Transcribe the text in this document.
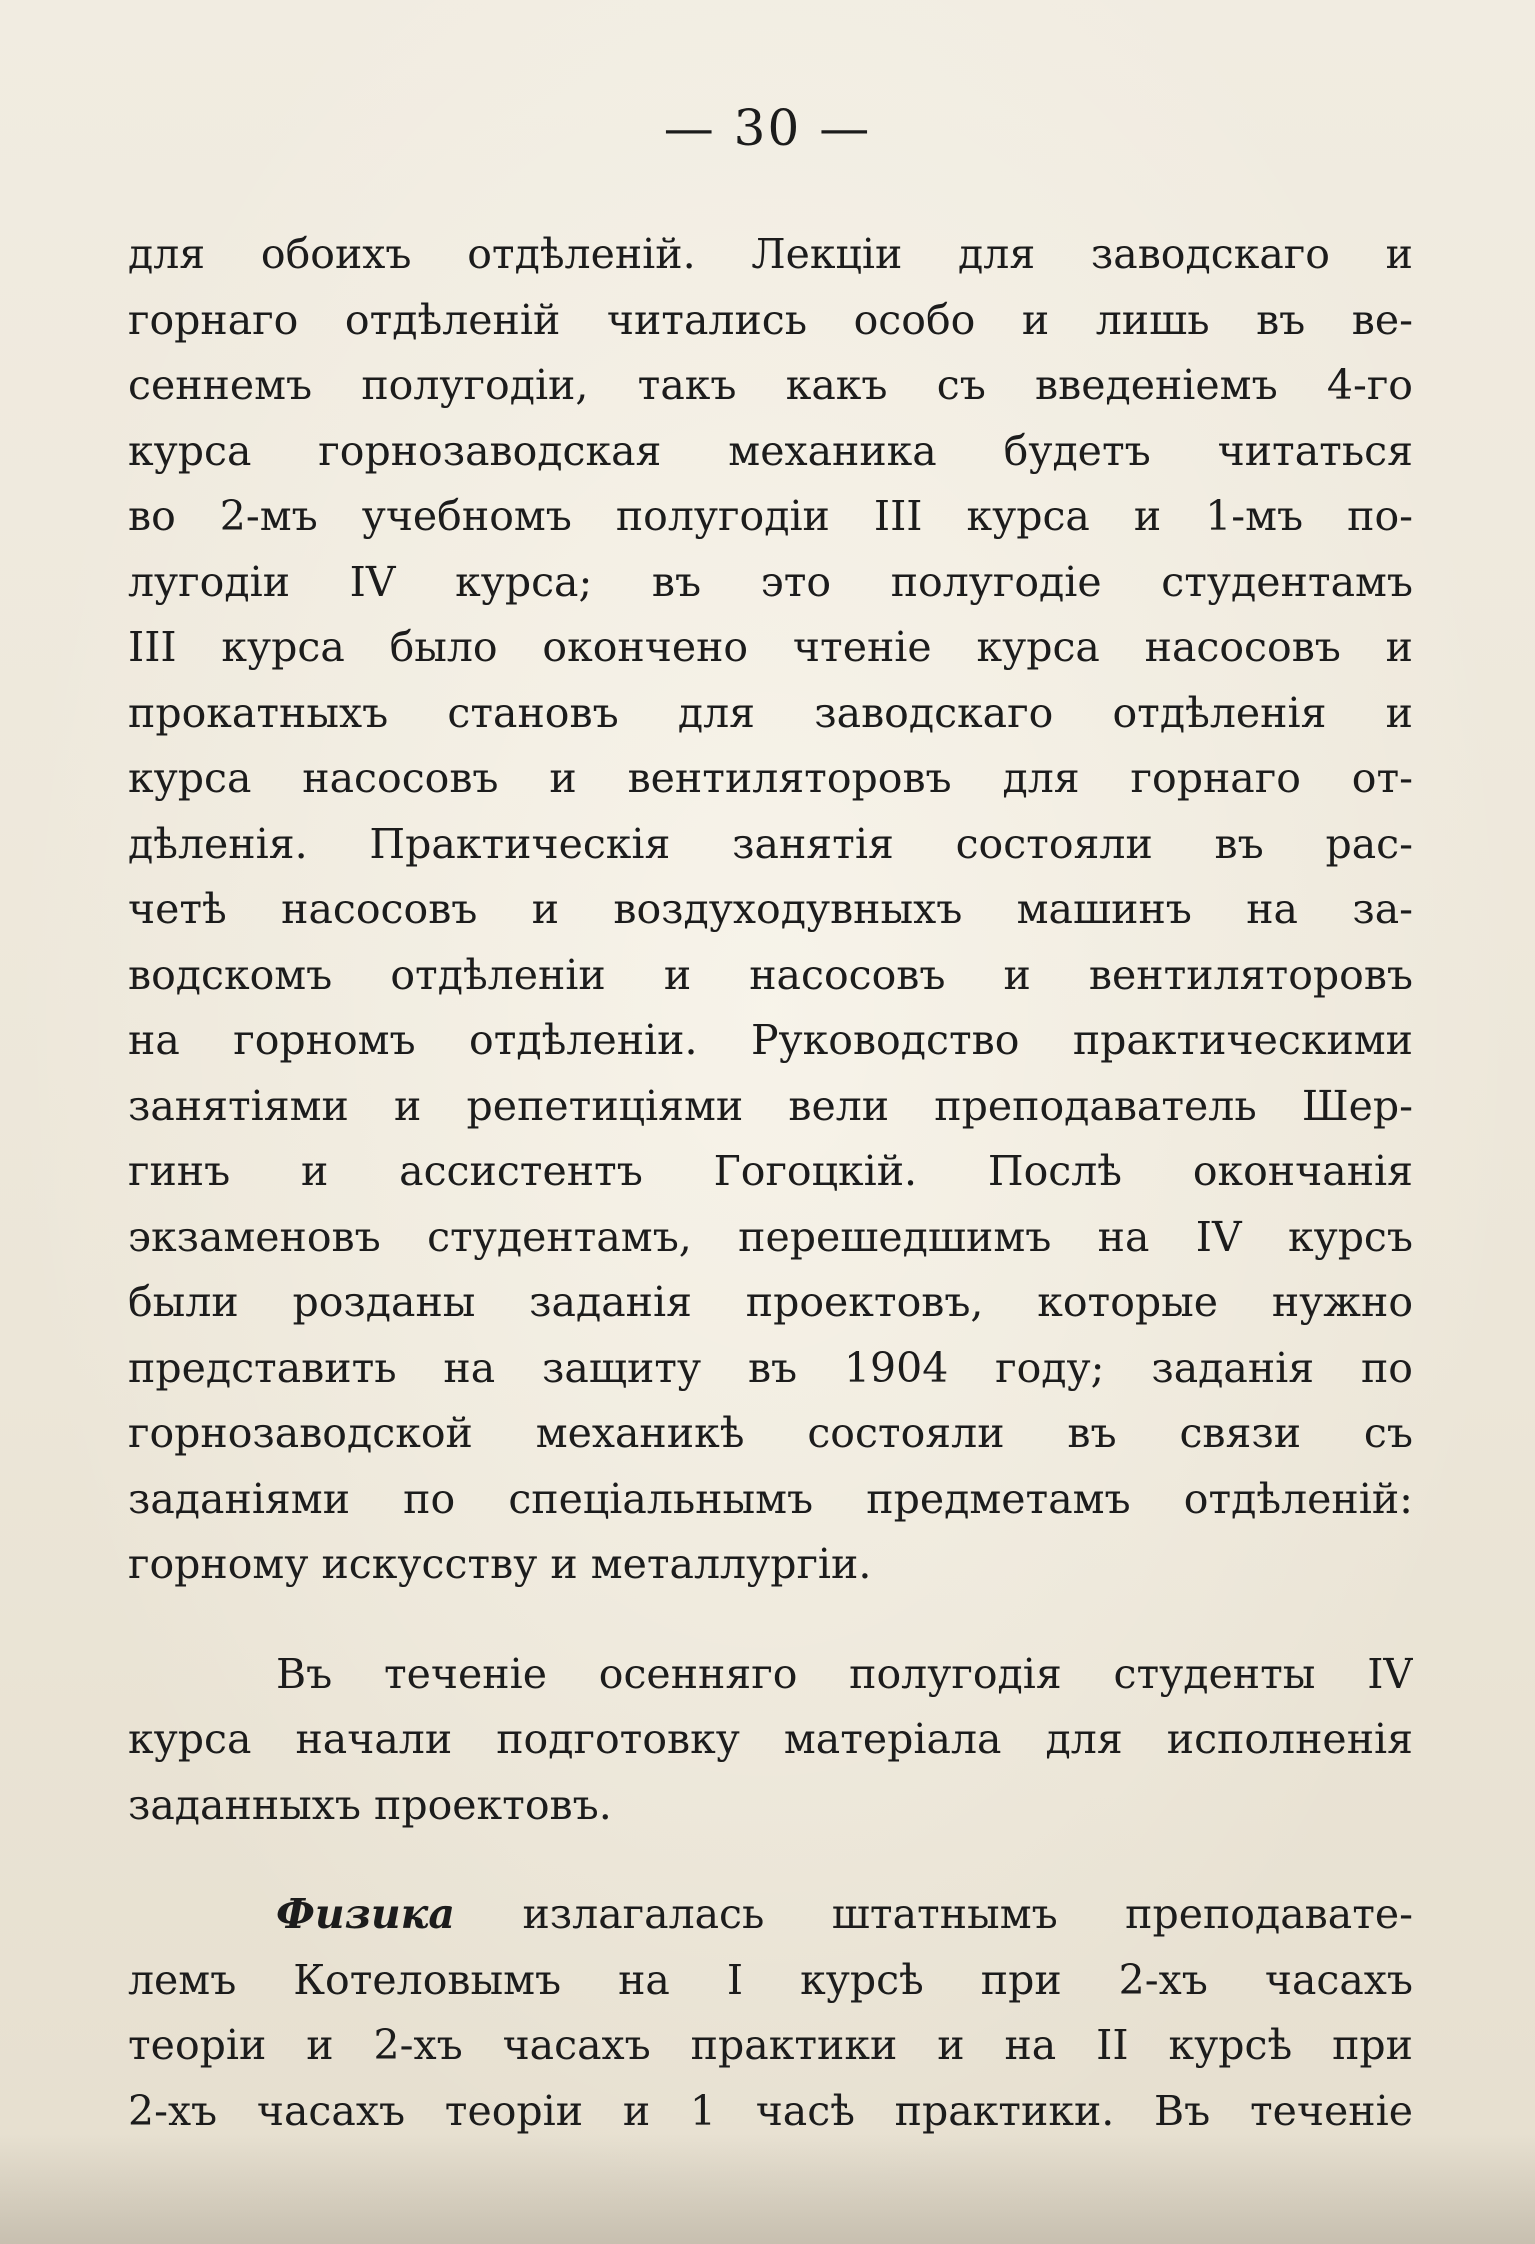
— 30 —
для обоихъ отдѣленій. Лекціи для заводскаго и
горнаго отдѣленій читались особо и лишь въ ве-
сеннемъ полугодіи, такъ какъ съ введеніемъ 4-го
курса горнозаводская механика будетъ читаться
во 2-мъ учебномъ полугодіи III курса и 1-мъ по-
лугодіи IV курса; въ это полугодіе студентамъ
III курса было окончено чтеніе курса насосовъ и
прокатныхъ становъ для заводскаго отдѣленія и
курса насосовъ и вентиляторовъ для горнаго от-
дѣленія. Практическія занятія состояли въ рас-
четѣ насосовъ и воздуходувныхъ машинъ на за-
водскомъ отдѣленіи и насосовъ и вентиляторовъ
на горномъ отдѣленіи. Руководство практическими
занятіями и репетиціями вели преподаватель Шер-
гинъ и ассистентъ Гогоцкій. Послѣ окончанія
экзаменовъ студентамъ, перешедшимъ на IV курсъ
были розданы заданія проектовъ, которые нужно
представить на защиту въ 1904 году; заданія по
горнозаводской механикѣ состояли въ связи съ
заданіями по спеціальнымъ предметамъ отдѣленій:
горному искусству и металлургіи.
Въ теченіе осенняго полугодія студенты IV
курса начали подготовку матеріала для исполненія
заданныхъ проектовъ.
Физика излагалась штатнымъ преподавате-
лемъ Котеловымъ на I курсѣ при 2-хъ часахъ
теоріи и 2-хъ часахъ практики и на II курсѣ при
2-хъ часахъ теоріи и 1 часѣ практики. Въ теченіе
